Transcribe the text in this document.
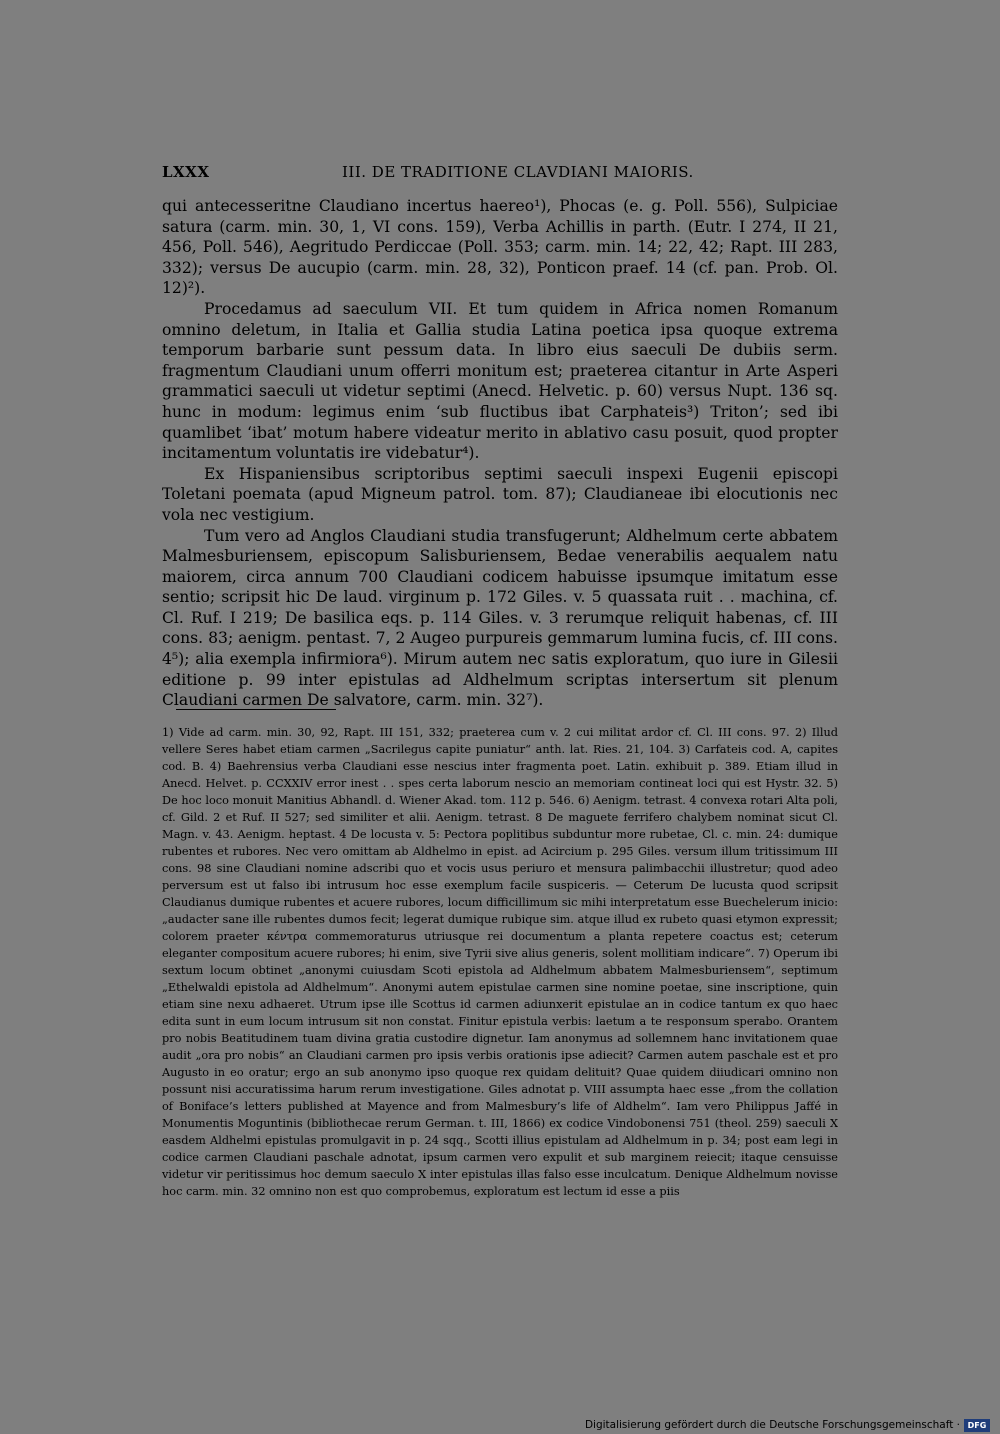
LXXX	III. DE TRADITIONE CLAVDIANI MAIORIS.

qui antecesseritne Claudiano incertus haereo¹), Phocas (e. g. Poll. 556), Sulpiciae satura (carm. min. 30, 1, VI cons. 159), Verba Achillis in parth. (Eutr. I 274, II 21, 456, Poll. 546), Aegritudo Perdiccae (Poll. 353; carm. min. 14; 22, 42; Rapt. III 283, 332); versus De aucupio (carm. min. 28, 32), Ponticon praef. 14 (cf. pan. Prob. Ol. 12)²).

Procedamus ad saeculum VII. Et tum quidem in Africa nomen Romanum omnino deletum, in Italia et Gallia studia Latina poetica ipsa quoque extrema temporum barbarie sunt pessum data. In libro eius saeculi De dubiis serm. fragmentum Claudiani unum offerri monitum est; praeterea citantur in Arte Asperi grammatici saeculi ut videtur septimi (Anecd. Helvetic. p. 60) versus Nupt. 136 sq. hunc in modum: legimus enim ‘sub fluctibus ibat Carphateis³) Triton’; sed ibi quamlibet ‘ibat’ motum habere videatur merito in ablativo casu posuit, quod propter incitamentum voluntatis ire videbatur⁴).

Ex Hispaniensibus scriptoribus septimi saeculi inspexi Eugenii episcopi Toletani poemata (apud Migneum patrol. tom. 87); Claudianeae ibi elocutionis nec vola nec vestigium.

Tum vero ad Anglos Claudiani studia transfugerunt; Aldhelmum certe abbatem Malmesburiensem, episcopum Salisburiensem, Bedae venerabilis aequalem natu maiorem, circa annum 700 Claudiani codicem habuisse ipsumque imitatum esse sentio; scripsit hic De laud. virginum p. 172 Giles. v. 5 quassata ruit . . machina, cf. Cl. Ruf. I 219; De basilica eqs. p. 114 Giles. v. 3 rerumque reliquit habenas, cf. III cons. 83; aenigm. pentast. 7, 2 Augeo purpureis gemmarum lumina fucis, cf. III cons. 4⁵); alia exempla infirmiora⁶). Mirum autem nec satis exploratum, quo iure in Gilesii editione p. 99 inter epistulas ad Aldhelmum scriptas intersertum sit plenum Claudiani carmen De salvatore, carm. min. 32⁷).

1) Vide ad carm. min. 30, 92, Rapt. III 151, 332; praeterea cum v. 2 cui militat ardor cf. Cl. III cons. 97. 2) Illud vellere Seres habet etiam carmen „Sacrilegus capite puniatur“ anth. lat. Ries. 21, 104. 3) Carfateis cod. A, capites cod. B. 4) Baehrensius verba Claudiani esse nescius inter fragmenta poet. Latin. exhibuit p. 389. Etiam illud in Anecd. Helvet. p. CCXXIV error inest . . spes certa laborum nescio an memoriam contineat loci qui est Hystr. 32. 5) De hoc loco monuit Manitius Abhandl. d. Wiener Akad. tom. 112 p. 546. 6) Aenigm. tetrast. 4 convexa rotari Alta poli, cf. Gild. 2 et Ruf. II 527; sed similiter et alii. Aenigm. tetrast. 8 De maguete ferrifero chalybem nominat sicut Cl. Magn. v. 43. Aenigm. heptast. 4 De locusta v. 5: Pectora poplitibus subduntur more rubetae, Cl. c. min. 24: dumique rubentes et rubores. Nec vero omittam ab Aldhelmo in epist. ad Acircium p. 295 Giles. versum illum tritissimum III cons. 98 sine Claudiani nomine adscribi quo et vocis usus periuro et mensura palimbacchii illustretur; quod adeo perversum est ut falso ibi intrusum hoc esse exemplum facile suspiceris. — Ceterum De lucusta quod scripsit Claudianus dumique rubentes et acuere rubores, locum difficillimum sic mihi interpretatum esse Buechelerum inicio: „audacter sane ille rubentes dumos fecit; legerat dumique rubique sim. atque illud ex rubeto quasi etymon expressit; colorem praeter κέντρα commemoraturus utriusque rei documentum a planta repetere coactus est; ceterum eleganter compositum acuere rubores; hi enim, sive Tyrii sive alius generis, solent mollitiam indicare“. 7) Operum ibi sextum locum obtinet „anonymi cuiusdam Scoti epistola ad Aldhelmum abbatem Malmesburiensem“, septimum „Ethelwaldi epistola ad Aldhelmum“. Anonymi autem epistulae carmen sine nomine poetae, sine inscriptione, quin etiam sine nexu adhaeret. Utrum ipse ille Scottus id carmen adiunxerit epistulae an in codice tantum ex quo haec edita sunt in eum locum intrusum sit non constat. Finitur epistula verbis: laetum a te responsum sperabo. Orantem pro nobis Beatitudinem tuam divina gratia custodire dignetur. Iam anonymus ad sollemnem hanc invitationem quae audit „ora pro nobis“ an Claudiani carmen pro ipsis verbis orationis ipse adiecit? Carmen autem paschale est et pro Augusto in eo oratur; ergo an sub anonymo ipso quoque rex quidam delituit? Quae quidem diiudicari omnino non possunt nisi accuratissima harum rerum investigatione. Giles adnotat p. VIII assumpta haec esse „from the collation of Boniface’s letters published at Mayence and from Malmesbury’s life of Aldhelm“. Iam vero Philippus Jaffé in Monumentis Moguntinis (bibliothecae rerum German. t. III, 1866) ex codice Vindobonensi 751 (theol. 259) saeculi X easdem Aldhelmi epistulas promulgavit in p. 24 sqq., Scotti illius epistulam ad Aldhelmum in p. 34; post eam legi in codice carmen Claudiani paschale adnotat, ipsum carmen vero expulit et sub marginem reiecit; itaque censuisse videtur vir peritissimus hoc demum saeculo X inter epistulas illas falso esse inculcatum. Denique Aldhelmum novisse hoc carm. min. 32 omnino non est quo comprobemus, exploratum est lectum id esse a piis

Digitalisierung gefördert durch die Deutsche Forschungsgemeinschaft · DFG
